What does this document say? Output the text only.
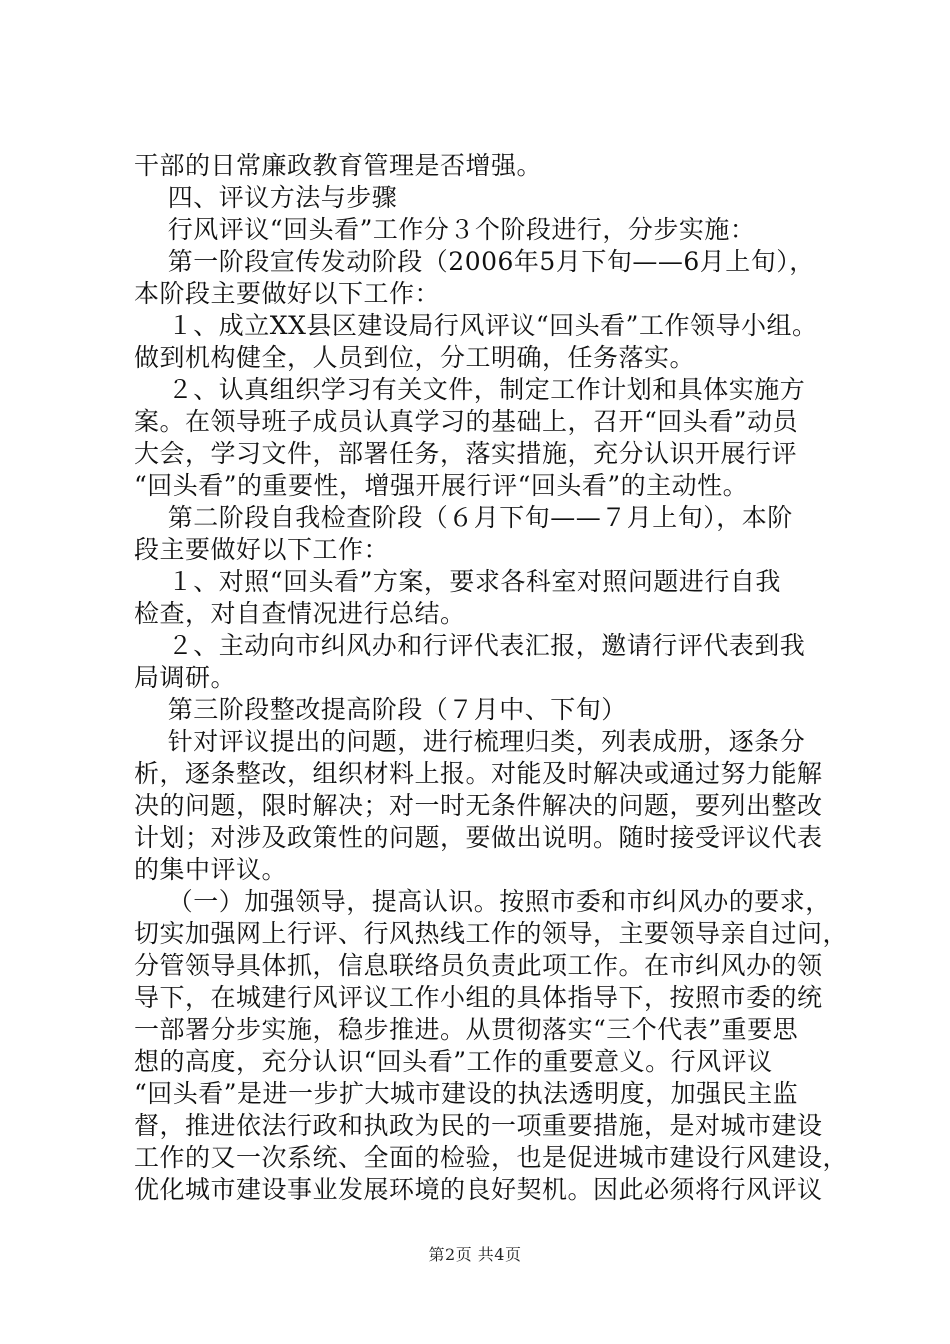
干部的日常廉政教育管理是否增强。
四、评议方法与步骤
行风评议“回头看”工作分３个阶段进行，分步实施：
第一阶段宣传发动阶段（2006年5月下旬——6月上旬），
本阶段主要做好以下工作：
１、成立XX县区建设局行风评议“回头看”工作领导小组。
做到机构健全，人员到位，分工明确，任务落实。
２、认真组织学习有关文件，制定工作计划和具体实施方
案。在领导班子成员认真学习的基础上，召开“回头看”动员
大会，学习文件，部署任务，落实措施，充分认识开展行评
“回头看”的重要性，增强开展行评“回头看”的主动性。
第二阶段自我检查阶段（６月下旬——７月上旬），本阶
段主要做好以下工作：
１、对照“回头看”方案，要求各科室对照问题进行自我
检查，对自查情况进行总结。
２、主动向市纠风办和行评代表汇报，邀请行评代表到我
局调研。
第三阶段整改提高阶段（７月中、下旬）
针对评议提出的问题，进行梳理归类，列表成册，逐条分
析，逐条整改，组织材料上报。对能及时解决或通过努力能解
决的问题，限时解决；对一时无条件解决的问题，要列出整改
计划；对涉及政策性的问题，要做出说明。随时接受评议代表
的集中评议。
（一）加强领导，提高认识。按照市委和市纠风办的要求，
切实加强网上行评、行风热线工作的领导，主要领导亲自过问，
分管领导具体抓，信息联络员负责此项工作。在市纠风办的领
导下，在城建行风评议工作小组的具体指导下，按照市委的统
一部署分步实施，稳步推进。从贯彻落实“三个代表”重要思
想的高度，充分认识“回头看”工作的重要意义。行风评议
“回头看”是进一步扩大城市建设的执法透明度，加强民主监
督，推进依法行政和执政为民的一项重要措施，是对城市建设
工作的又一次系统、全面的检验，也是促进城市建设行风建设，
优化城市建设事业发展环境的良好契机。因此必须将行风评议
第2页 共4页
